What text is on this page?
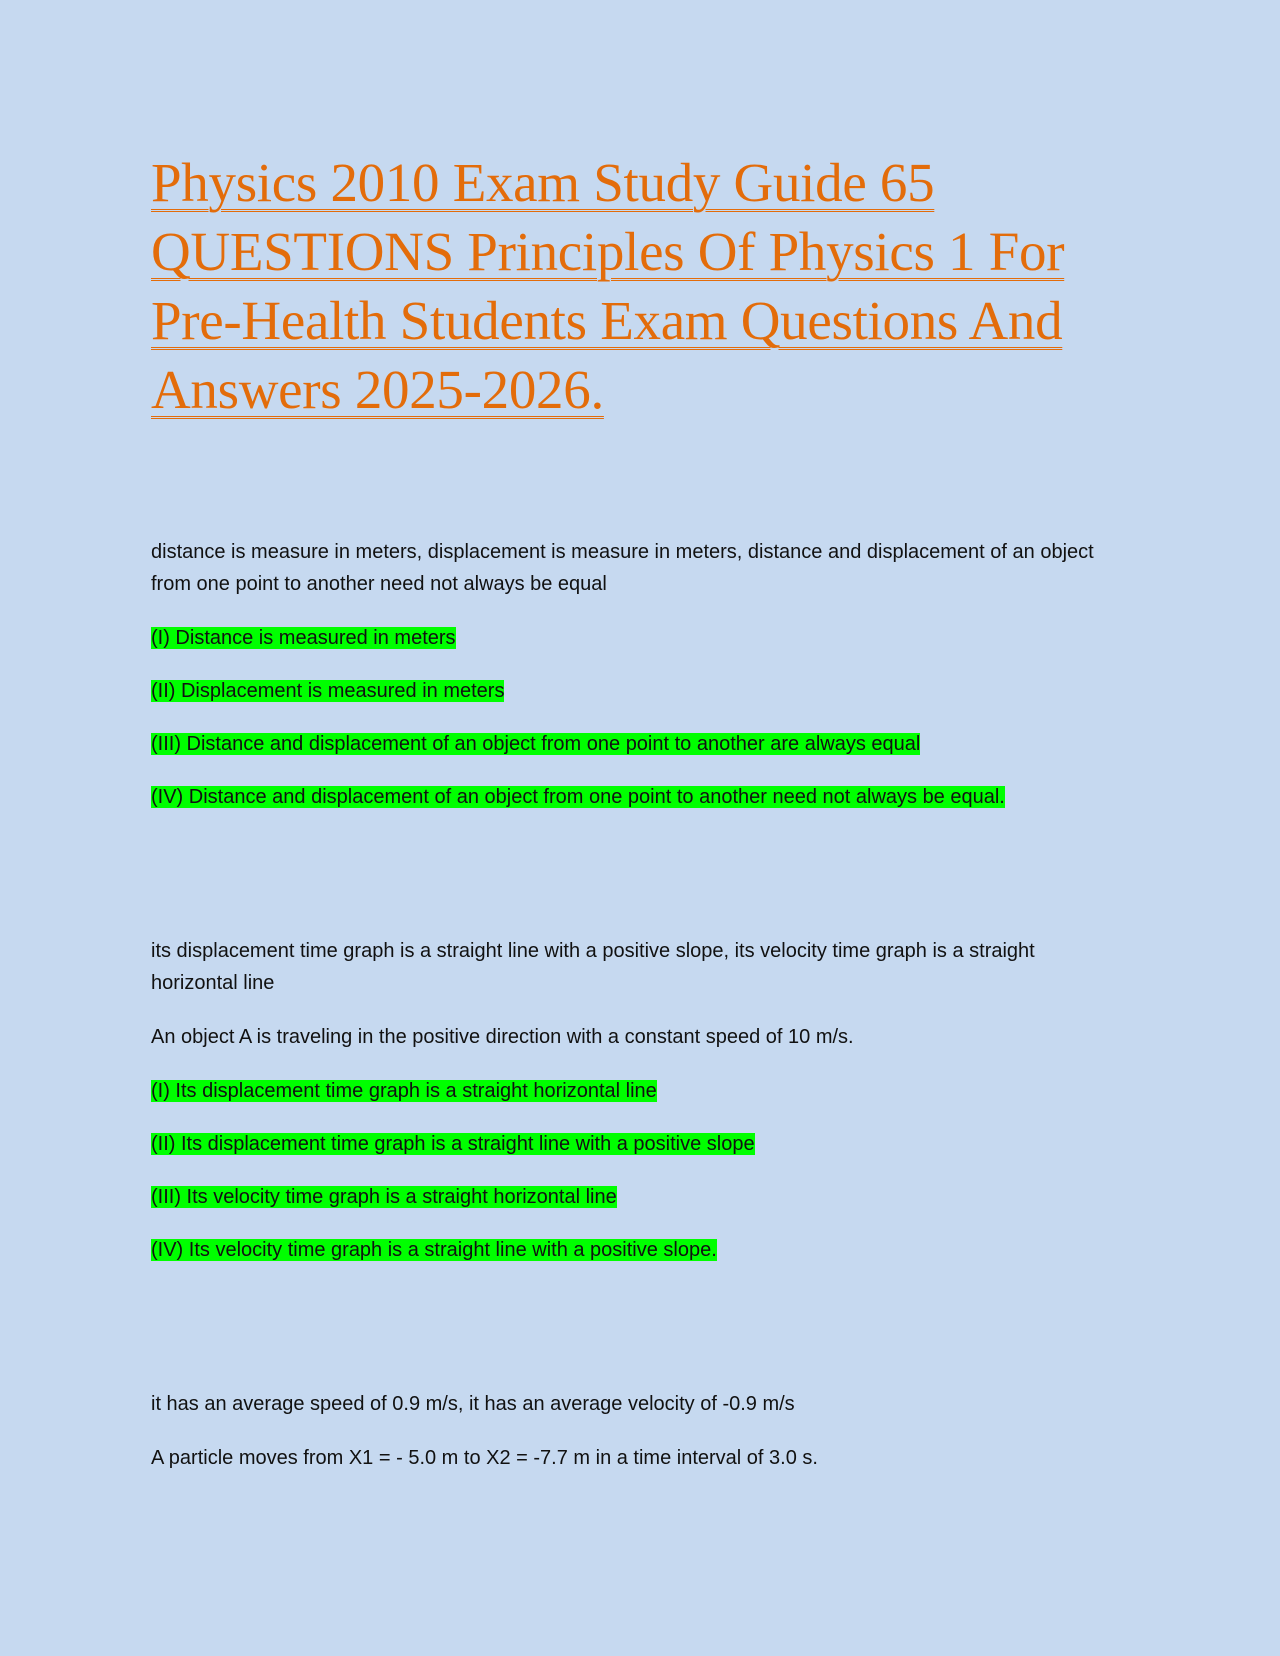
Physics 2010 Exam Study Guide 65 QUESTIONS Principles Of Physics 1 For Pre-Health Students Exam Questions And Answers 2025-2026.

distance is measure in meters, displacement is measure in meters, distance and displacement of an object from one point to another need not always be equal

(I) Distance is measured in meters

(II) Displacement is measured in meters

(III) Distance and displacement of an object from one point to another are always equal

(IV) Distance and displacement of an object from one point to another need not always be equal.

its displacement time graph is a straight line with a positive slope, its velocity time graph is a straight horizontal line

An object A is traveling in the positive direction with a constant speed of 10 m/s.

(I) Its displacement time graph is a straight horizontal line

(II) Its displacement time graph is a straight line with a positive slope

(III) Its velocity time graph is a straight horizontal line

(IV) Its velocity time graph is a straight line with a positive slope.

it has an average speed of 0.9 m/s, it has an average velocity of -0.9 m/s

A particle moves from X1 = - 5.0 m to X2 = -7.7 m in a time interval of 3.0 s.
